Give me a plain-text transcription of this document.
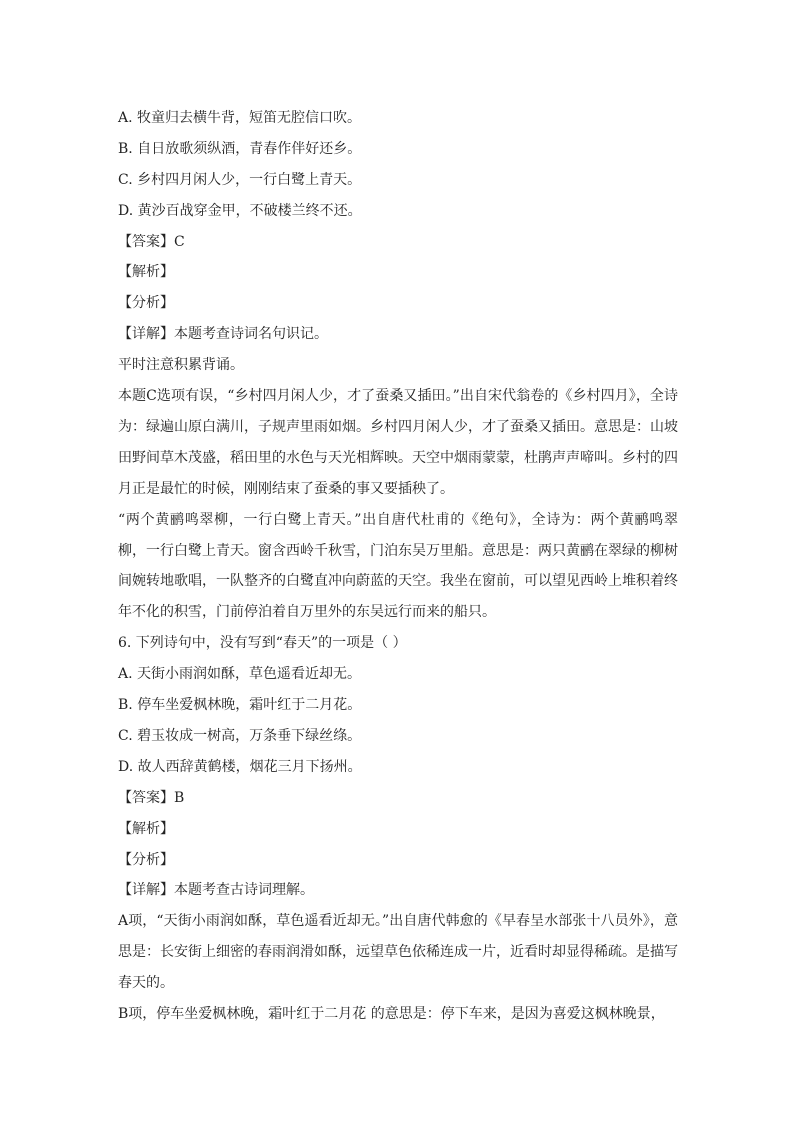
A. 牧童归去横牛背，短笛无腔信口吹。

B. 自日放歌须纵酒，青春作伴好还乡。

C. 乡村四月闲人少，一行白鹭上青天。

D. 黄沙百战穿金甲，不破楼兰终不还。

【答案】C

【解析】

【分析】

【详解】本题考查诗词名句识记。

平时注意积累背诵。

本题C选项有误，“乡村四月闲人少，才了蚕桑又插田。”出自宋代翁卷的《乡村四月》，全诗为：绿遍山原白满川，子规声里雨如烟。乡村四月闲人少，才了蚕桑又插田。意思是：山坡田野间草木茂盛，稻田里的水色与天光相辉映。天空中烟雨蒙蒙，杜鹃声声啼叫。乡村的四月正是最忙的时候，刚刚结束了蚕桑的事又要插秧了。

“两个黄鹂鸣翠柳，一行白鹭上青天。”出自唐代杜甫的《绝句》，全诗为：两个黄鹂鸣翠柳，一行白鹭上青天。窗含西岭千秋雪，门泊东吴万里船。意思是：两只黄鹂在翠绿的柳树间婉转地歌唱，一队整齐的白鹭直冲向蔚蓝的天空。我坐在窗前，可以望见西岭上堆积着终年不化的积雪，门前停泊着自万里外的东吴远行而来的船只。

6. 下列诗句中，没有写到“春天”的一项是（ ）

A. 天街小雨润如酥，草色遥看近却无。

B. 停车坐爱枫林晚，霜叶红于二月花。

C. 碧玉妆成一树高，万条垂下绿丝绦。

D. 故人西辞黄鹤楼，烟花三月下扬州。

【答案】B

【解析】

【分析】

【详解】本题考查古诗词理解。

A项，“天街小雨润如酥，草色遥看近却无。”出自唐代韩愈的《早春呈水部张十八员外》，意思是：长安街上细密的春雨润滑如酥，远望草色依稀连成一片，近看时却显得稀疏。是描写春天的。

B项，停车坐爱枫林晚，霜叶红于二月花 的意思是：停下车来，是因为喜爱这枫林晚景，
